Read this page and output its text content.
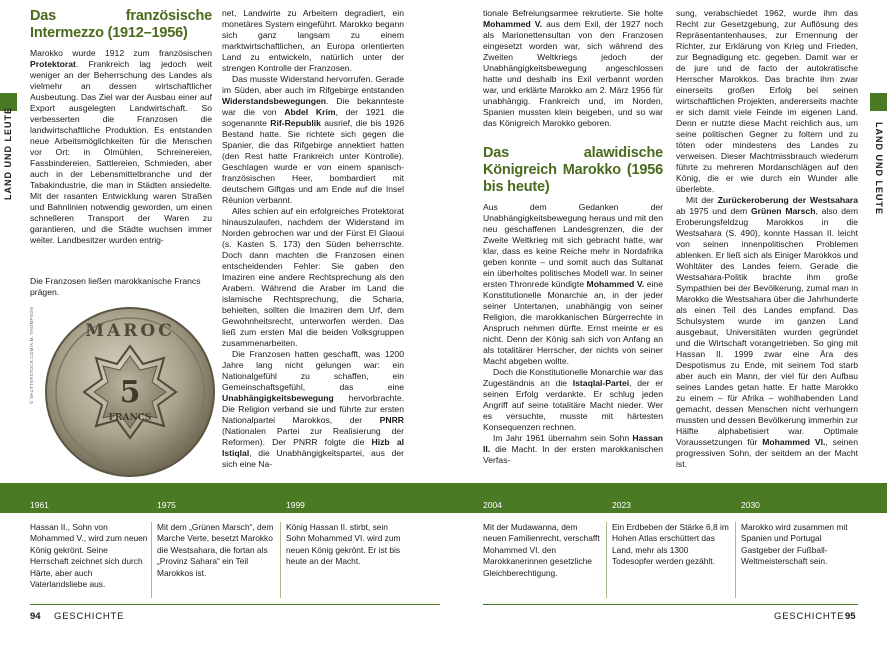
LAND UND LEUTE	LAND UND LEUTE
Das französische Intermezzo (1912–1956)

Marokko wurde 1912 zum französischen Protektorat. Frankreich lag jedoch weit weniger an der Beherrschung des Landes als vielmehr an dessen wirtschaftlicher Ausbeutung. Das Ziel war der Ausbau einer auf Export ausgelegten Landwirtschaft. So verbesserten die Franzosen die landwirtschaftliche Produktion. Es entstanden neue Arbeitsmöglichkeiten für die Menschen vor Ort: in Ölmühlen, Schreinereien, Fassbindereien, Sattlereien, Schmieden, aber auch in der Lebensmittelbranche und der Tabakindustrie, die man in Städten ansiedelte. Mit der rasanten Entwicklung waren Straßen und Bahnlinien notwendig geworden, um einen schnelleren Transport der Waren zu garantieren, und die Städte wuchsen immer weiter. Landbesitzer wurden entrig-

Die Franzosen ließen marokkanische Francs prägen.
© SHUTTERSTOCK.COM/A.M. THOMPSON	MAROC
5
FRANCS

net, Landwirte zu Arbeitern degradiert, ein monetäres System eingeführt. Marokko begann sich ganz langsam zu einem marktwirtschaftlichen, an Europa orientierten Land zu entwickeln, natürlich unter der strengen Kontrolle der Franzosen.

Das musste Widerstand hervorrufen. Gerade im Süden, aber auch im Rifgebirge entstanden Widerstandsbewegungen. Die bekannteste war die von Abdel Krim, der 1921 die sogenannte Rif-Republik ausrief, die bis 1926 Bestand hatte. Sie richtete sich gegen die Spanier, die das Rifgebirge annektiert hatten (den Rest hatte Frankreich unter Kontrolle). Geschlagen wurde er von einem spanisch-französischen Heer, bombardiert mit deutschem Giftgas und am Ende auf die Insel Réunion verbannt.

Alles schien auf ein erfolgreiches Protektorat hinauszulaufen, nachdem der Widerstand im Norden gebrochen war und der Fürst El Glaoui (s. Kasten S. 173) den Süden beherrschte. Doch dann machten die Franzosen einen entscheidenden Fehler: Sie gaben den Imaziren eine andere Rechtsprechung als den Arabern. Während die Araber im Land die islamische Rechtsprechung, die Scharia, behielten, sollten die Imaziren dem Urf, dem Gewohnheitsrecht, unterworfen werden. Das ließ zum ersten Mal die beiden Volksgruppen zusammenarbeiten.

Die Franzosen hatten geschafft, was 1200 Jahre lang nicht gelungen war: ein Nationalgefühl zu schaffen, ein Gemeinschaftsgefühl, das eine Unabhängigkeitsbewegung hervorbrachte. Die Religion verband sie und führte zur ersten Nationalpartei Marokkos, der PNRR (Nationalen Partei zur Realisierung der Reformen). Der PNRR folgte die Hizb al Istiqlal, die Unabhängigkeitspartei, aus der sich eine Na-

tionale Befreiungsarmee rekrutierte. Sie holte Mohammed V. aus dem Exil, der 1927 noch als Marionettensultan von den Franzosen eingesetzt worden war, sich während des Zweiten Weltkriegs jedoch der Unabhängigkeitsbewegung angeschlossen hatte und deshalb ins Exil verbannt worden war, und erklärte Marokko am 2. März 1956 für unabhängig. Frankreich und, im Norden, Spanien mussten klein beigeben, und so war das Königreich Marokko geboren.

Das alawidische Königreich Marokko (1956 bis heute)

Aus dem Gedanken der Unabhängigkeitsbewegung heraus und mit den neu geschaffenen Landesgrenzen, die der Zweite Weltkrieg mit sich gebracht hatte, war klar, dass es keine Reiche mehr in Nordafrika geben konnte – und somit auch das Sultanat ein überholtes politisches Modell war. In seiner ersten Thronrede kündigte Mohammed V. eine Konstitutionelle Monarchie an, in der jeder seiner Untertanen, unabhängig von seiner Religion, die marokkanischen Bürgerrechte in Anspruch nehmen dürfte. Ernst meinte er es nicht. Denn der König sah sich von Anfang an als totalitärer Herrscher, der nichts von seiner Macht abgeben wollte.

Doch die Konstitutionelle Monarchie war das Zugeständnis an die Istaqlal-Partei, der er seinen Erfolg verdankte. Er schlug jeden Angriff auf seine totalitäre Macht nieder. Wer es versuchte, musste mit härtesten Konsequenzen rechnen.

Im Jahr 1961 übernahm sein Sohn Hassan II. die Macht. In der ersten marokkanischen Verfas-

sung, verabschiedet 1962, wurde ihm das Recht zur Gesetzgebung, zur Auflösung des Repräsentantenhauses, zur Ernennung der Richter, zur Erklärung von Krieg und Frieden, zur Begnadigung etc. gegeben. Damit war er de jure und de facto der autokratische Herrscher Marokkos. Das brachte ihm zwar einerseits großen Erfolg bei seinen wirtschaftlichen Projekten, andererseits machte er sich damit viele Feinde im eigenen Land. Denn er nutzte diese Macht reichlich aus, um seine politischen Gegner zu foltern und zu töten oder mindestens des Landes zu verweisen. Dieser Machtmissbrauch wiederum führte zu mehreren Mordanschlägen auf den König, die er wie durch ein Wunder alle überlebte.

Mit der Zurückeroberung der Westsahara ab 1975 und dem Grünen Marsch, also dem Eroberungsfeldzug Marokkos in die Westsahara (S. 490), konnte Hassan II. leicht von seinen innenpolitischen Problemen ablenken. Er ließ sich als Einiger Marokkos und Wohltäter des Landes feiern. Gerade die Westsahara-Politik brachte ihm große Sympathien bei der Bevölkerung, zumal man in Marokko die Westsahara über die Jahrhunderte als einen Teil des Landes empfand. Das Schulsystem wurde im ganzen Land ausgebaut, Universitäten wurden gegründet und die Wirtschaft vorangetrieben. So ging mit Hassan II. 1999 zwar eine Ära des Despotismus zu Ende, mit seinem Tod starb aber auch ein Mann, der viel für den Aufbau seines Landes getan hatte. Er hatte Marokko zu einem – für Afrika – wohlhabenden Land gemacht, dessen Menschen nicht verhungern mussten und dessen Bevölkerung immerhin zur Hälfte alphabetisiert war. Optimale Voraussetzungen für Mohammed VI., seinen progressiven Sohn, der seitdem an der Macht ist.

1961
Hassan II., Sohn von Mohammed V., wird zum neuen König gekrönt. Seine Herrschaft zeichnet sich durch Härte, aber auch Vaterlandsliebe aus.
1975
Mit dem „Grünen Marsch“, dem Marche Verte, besetzt Marokko die Westsahara, die fortan als „Provinz Sahara“ ein Teil Marokkos ist.
1999
König Hassan II. stirbt, sein Sohn Mohammed VI. wird zum neuen König gekrönt. Er ist bis heute an der Macht.
2004
Mit der Mudawanna, dem neuen Familienrecht, verschafft Mohammed VI. den Marokkanerinnen gesetzliche Gleichberechtigung.
2023
Ein Erdbeben der Stärke 6,8 im Hohen Atlas erschüttert das Land, mehr als 1300 Todesopfer werden gezählt.
2030
Marokko wird zusammen mit Spanien und Portugal Gastgeber der Fußball-Weltmeisterschaft sein.
94 GESCHICHTE	GESCHICHTE 95
